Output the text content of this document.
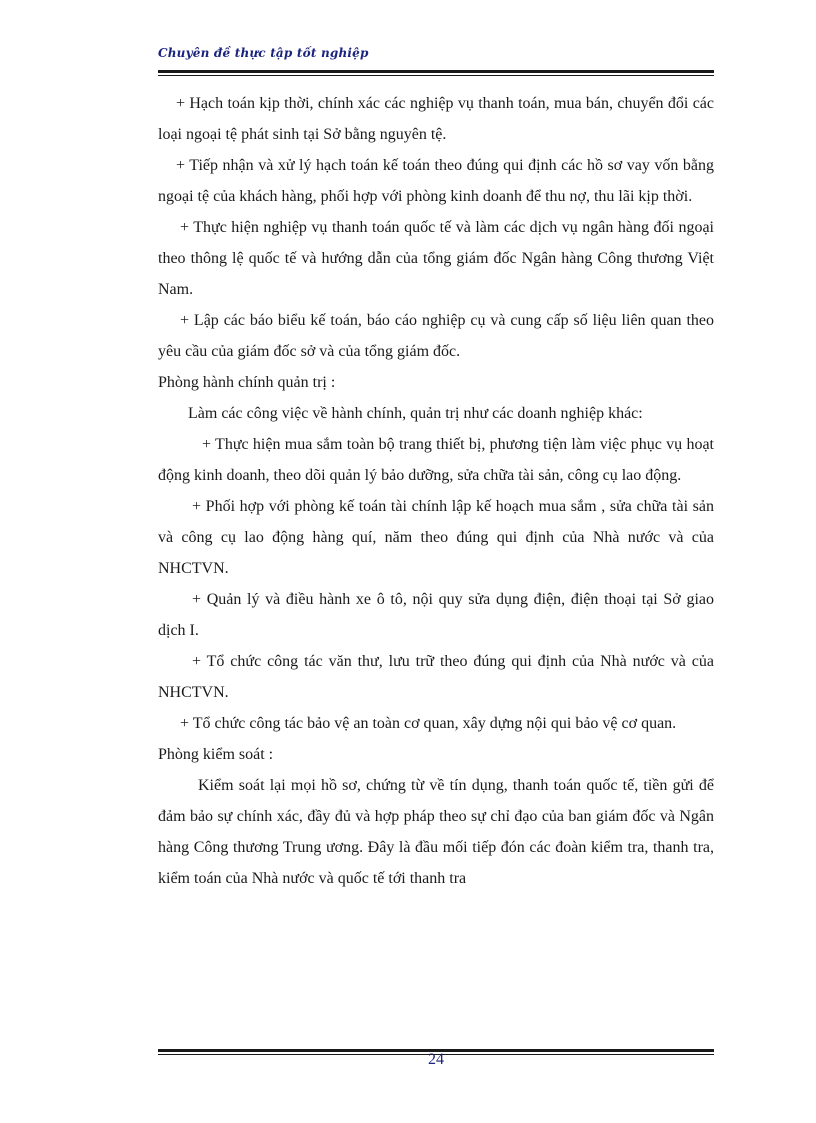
Chuyên đề thực tập tốt nghiệp

+ Hạch toán kịp thời, chính xác các nghiệp vụ thanh toán, mua bán, chuyển đổi các loại ngoại tệ phát sinh tại Sở bằng nguyên tệ.

+ Tiếp nhận và xử lý hạch toán kế toán theo đúng qui định các hồ sơ vay vốn bằng ngoại tệ của khách hàng, phối hợp với phòng kinh doanh để thu nợ, thu lãi kịp thời.

+ Thực hiện nghiệp vụ thanh toán quốc tế và làm các dịch vụ ngân hàng đối ngoại theo thông lệ quốc tế và hướng dẫn của tổng giám đốc Ngân hàng Công thương Việt Nam.

+ Lập các báo biểu kế toán, báo cáo nghiệp cụ và cung cấp số liệu liên quan theo yêu cầu của giám đốc sở và của tổng giám đốc.

Phòng hành chính quản trị :

Làm các công việc về hành chính, quản trị như các doanh nghiệp khác:

+ Thực hiện mua sắm toàn bộ trang thiết bị, phương tiện làm việc phục vụ hoạt động kinh doanh, theo dõi quản lý bảo dưỡng, sửa chữa tài sản, công cụ lao động.

+ Phối hợp với phòng kế toán tài chính lập kế hoạch mua sắm , sửa chữa tài sản và công cụ lao động hàng quí, năm theo đúng qui định của Nhà nước và của NHCTVN.

+ Quản lý và điều hành xe ô tô, nội quy sửa dụng điện, điện thoại tại Sở giao dịch I.

+ Tổ chức công tác văn thư, lưu trữ theo đúng qui định của Nhà nước và của NHCTVN.

+ Tổ chức công tác bảo vệ an toàn cơ quan, xây dựng nội qui bảo vệ cơ quan.

Phòng kiểm soát :

Kiểm soát lại mọi hồ sơ, chứng từ về tín dụng, thanh toán quốc tế, tiền gửi để đảm bảo sự chính xác, đầy đủ và hợp pháp theo sự chỉ đạo của ban giám đốc và Ngân hàng Công thương Trung ương. Đây là đầu mối tiếp đón các đoàn kiểm tra, thanh tra, kiểm toán của Nhà nước và quốc tế tới thanh tra

24
